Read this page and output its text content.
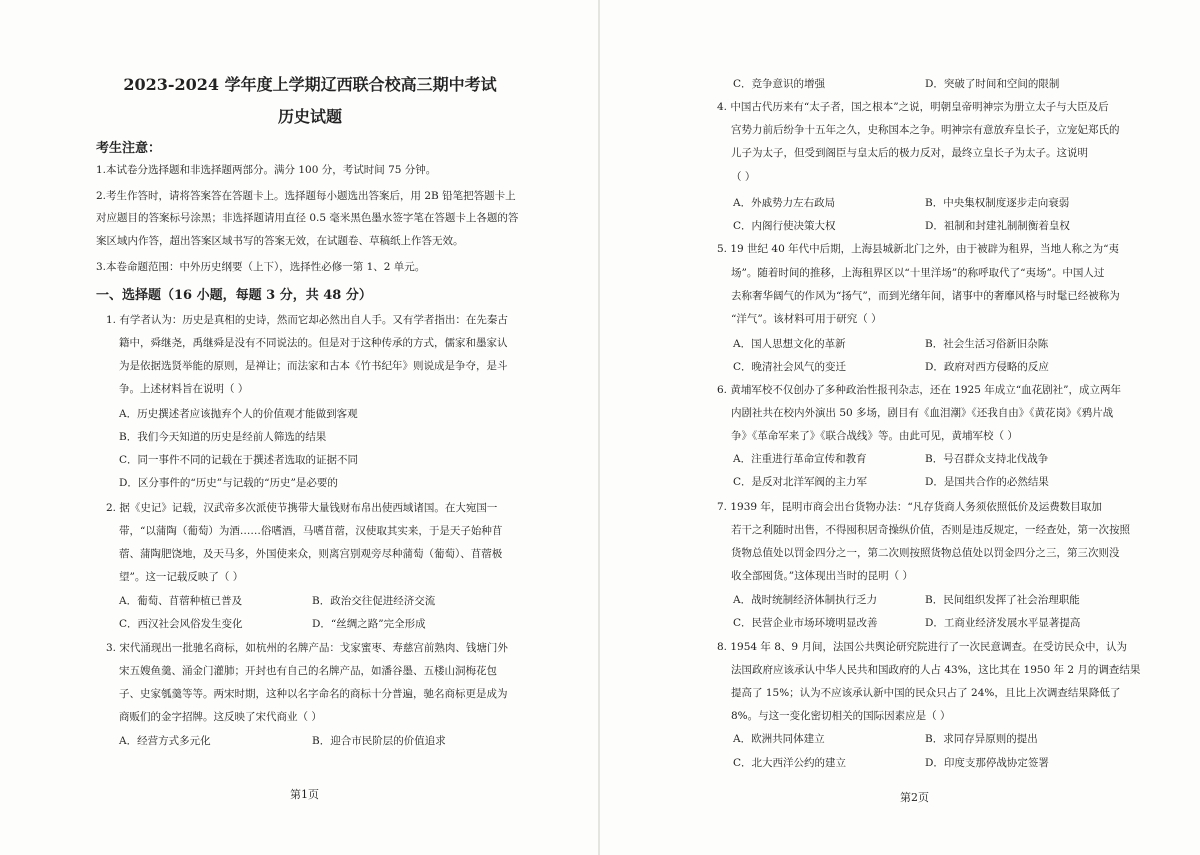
2023-2024 学年度上学期辽西联合校高三期中考试
历史试题
考生注意：
1.本试卷分选择题和非选择题两部分。满分 100 分，考试时间 75 分钟。
2.考生作答时，请将答案答在答题卡上。选择题每小题选出答案后，用 2B 铅笔把答题卡上
对应题目的答案标号涂黑；非选择题请用直径 0.5 毫米黑色墨水签字笔在答题卡上各题的答
案区域内作答，超出答案区域书写的答案无效，在试题卷、草稿纸上作答无效。
3.本卷命题范围：中外历史纲要（上下），选择性必修一第 1、2 单元。
一、选择题（16 小题，每题 3 分，共 48 分）
1. 有学者认为：历史是真相的史诗，然而它却必然出自人手。又有学者指出：在先秦古
籍中，舜继尧，禹继舜是没有不同说法的。但是对于这种传承的方式，儒家和墨家认
为是依据选贤举能的原则，是禅让；而法家和古本《竹书纪年》则说成是争夺，是斗
争。上述材料旨在说明（ ）
A．历史撰述者应该抛弃个人的价值观才能做到客观
B．我们今天知道的历史是经前人筛选的结果
C．同一事件不同的记载在于撰述者选取的证据不同
D．区分事件的“历史”与记载的“历史”是必要的
2. 据《史记》记载，汉武帝多次派使节携带大量钱财布帛出使西域诸国。在大宛国一
带，“以蒲陶（葡萄）为酒……俗嗜酒，马嗜苜蓿，汉使取其实来，于是天子始种苜
蓿、蒲陶肥饶地，及天马多，外国使来众，则离宫别观旁尽种蒲萄（葡萄）、苜蓿极
望”。这一记载反映了（ ）
A．葡萄、苜蓿种植已普及	B．政治交往促进经济交流
C．西汉社会风俗发生变化	D．“丝绸之路”完全形成
3. 宋代涌现出一批驰名商标，如杭州的名牌产品：戈家蜜枣、寿慈宫前熟肉、钱塘门外
宋五嫂鱼羹、涌金门灌肺；开封也有自己的名牌产品，如潘谷墨、五楼山洞梅花包
子、史家瓠羹等等。两宋时期，这种以名字命名的商标十分普遍，驰名商标更是成为
商贩们的金字招牌。这反映了宋代商业（ ）
A．经营方式多元化	B．迎合市民阶层的价值追求
第1页
C．竞争意识的增强	D．突破了时间和空间的限制
4. 中国古代历来有“太子者，国之根本”之说，明朝皇帝明神宗为册立太子与大臣及后
宫势力前后纷争十五年之久，史称国本之争。明神宗有意放弃皇长子，立宠妃郑氏的
儿子为太子，但受到阁臣与皇太后的极力反对，最终立皇长子为太子。这说明
（ ）
A．外戚势力左右政局	B．中央集权制度逐步走向衰弱
C．内阁行使决策大权	D．祖制和封建礼制制衡着皇权
5. 19 世纪 40 年代中后期，上海县城新北门之外，由于被辟为租界，当地人称之为“夷
场”。随着时间的推移，上海租界区以“十里洋场”的称呼取代了“夷场”。中国人过
去称奢华阔气的作风为“扬气”，而到光绪年间，诸事中的奢靡风格与时髦已经被称为
“洋气”。该材料可用于研究（ ）
A．国人思想文化的革新	B．社会生活习俗新旧杂陈
C．晚清社会风气的变迁	D．政府对西方侵略的反应
6. 黄埔军校不仅创办了多种政治性报刊杂志，还在 1925 年成立“血花剧社”，成立两年
内剧社共在校内外演出 50 多场，剧目有《血泪潮》《还我自由》《黄花岗》《鸦片战
争》《革命军来了》《联合战线》等。由此可见，黄埔军校（ ）
A．注重进行革命宣传和教育	B．号召群众支持北伐战争
C．是反对北洋军阀的主力军	D．是国共合作的必然结果
7. 1939 年，昆明市商会出台货物办法：“凡存货商人务须依照低价及运费数目取加
若干之利随时出售，不得囤积居奇操纵价值，否则是违反规定，一经查处，第一次按照
货物总值处以罚金四分之一，第二次则按照货物总值处以罚金四分之三，第三次则没
收全部囤货。”这体现出当时的昆明（ ）
A．战时统制经济体制执行乏力	B．民间组织发挥了社会治理职能
C．民营企业市场环境明显改善	D．工商业经济发展水平显著提高
8. 1954 年 8、9 月间，法国公共舆论研究院进行了一次民意调查。在受访民众中，认为
法国政府应该承认中华人民共和国政府的人占 43%，这比其在 1950 年 2 月的调查结果
提高了 15%；认为不应该承认新中国的民众只占了 24%，且比上次调查结果降低了
8%。与这一变化密切相关的国际因素应是（ ）
A．欧洲共同体建立	B．求同存异原则的提出
C．北大西洋公约的建立	D．印度支那停战协定签署
第2页
